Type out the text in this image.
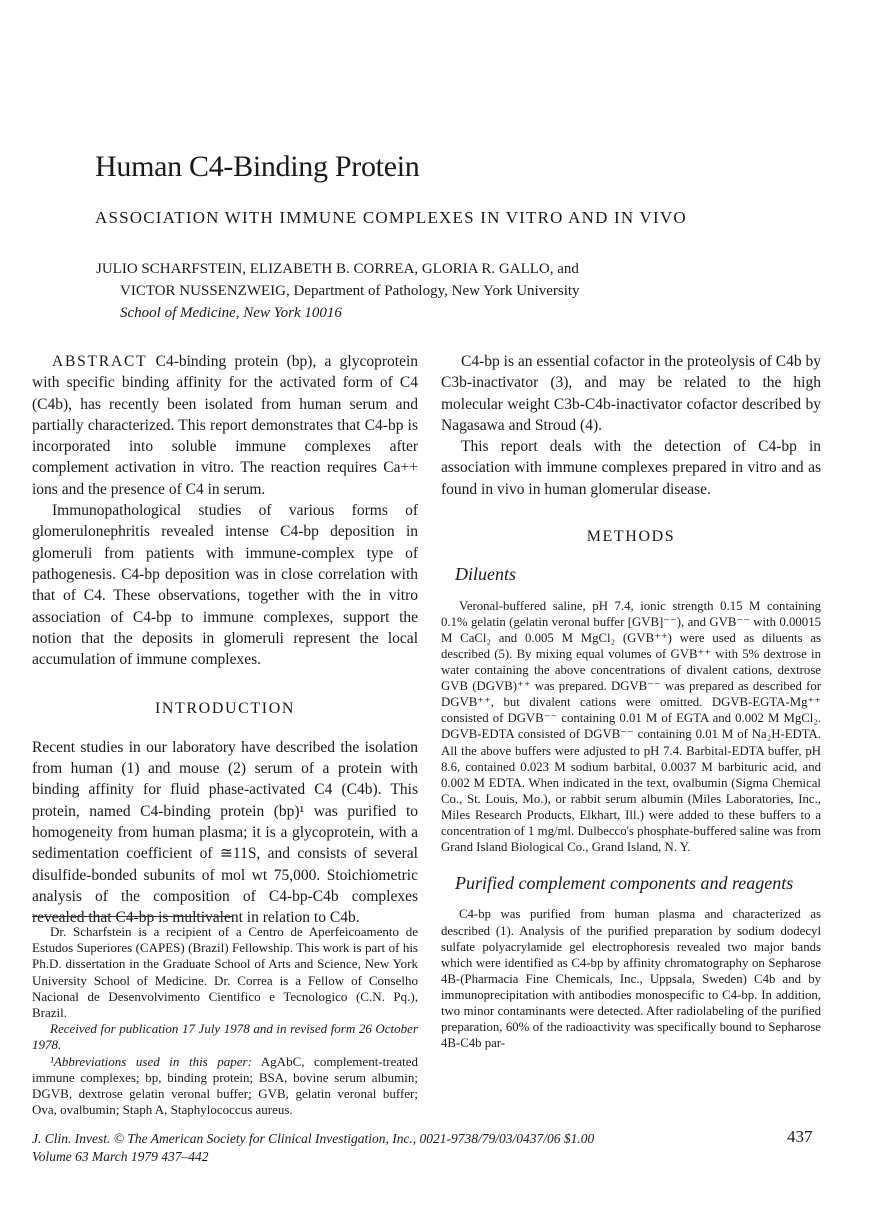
Human C4-Binding Protein
ASSOCIATION WITH IMMUNE COMPLEXES IN VITRO AND IN VIVO
JULIO SCHARFSTEIN, ELIZABETH B. CORREA, GLORIA R. GALLO, and
VICTOR NUSSENZWEIG, Department of Pathology, New York University
School of Medicine, New York 10016

ABSTRACT C4-binding protein (bp), a glycoprotein with specific binding affinity for the activated form of C4 (C4b), has recently been isolated from human serum and partially characterized. This report demonstrates that C4-bp is incorporated into soluble immune complexes after complement activation in vitro. The reaction requires Ca++ ions and the presence of C4 in serum.

Immunopathological studies of various forms of glomerulonephritis revealed intense C4-bp deposition in glomeruli from patients with immune-complex type of pathogenesis. C4-bp deposition was in close correlation with that of C4. These observations, together with the in vitro association of C4-bp to immune complexes, support the notion that the deposits in glomeruli represent the local accumulation of immune complexes.

INTRODUCTION

Recent studies in our laboratory have described the isolation from human (1) and mouse (2) serum of a protein with binding affinity for fluid phase-activated C4 (C4b). This protein, named C4-binding protein (bp)¹ was purified to homogeneity from human plasma; it is a glycoprotein, with a sedimentation coefficient of ≅11S, and consists of several disulfide-bonded subunits of mol wt 75,000. Stoichiometric analysis of the composition of C4-bp-C4b complexes revealed that C4-bp is multivalent in relation to C4b.

Dr. Scharfstein is a recipient of a Centro de Aperfeicoamento de Estudos Superiores (CAPES) (Brazil) Fellowship. This work is part of his Ph.D. dissertation in the Graduate School of Arts and Science, New York University School of Medicine. Dr. Correa is a Fellow of Conselho Nacional de Desenvolvimento Cientifico e Tecnologico (C.N. Pq.), Brazil.

Received for publication 17 July 1978 and in revised form 26 October 1978.

¹Abbreviations used in this paper: AgAbC, complement-treated immune complexes; bp, binding protein; BSA, bovine serum albumin; DGVB, dextrose gelatin veronal buffer; GVB, gelatin veronal buffer; Ova, ovalbumin; Staph A, Staphylococcus aureus.

C4-bp is an essential cofactor in the proteolysis of C4b by C3b-inactivator (3), and may be related to the high molecular weight C3b-C4b-inactivator cofactor described by Nagasawa and Stroud (4).

This report deals with the detection of C4-bp in association with immune complexes prepared in vitro and as found in vivo in human glomerular disease.

METHODS
Diluents

Veronal-buffered saline, pH 7.4, ionic strength 0.15 M containing 0.1% gelatin (gelatin veronal buffer [GVB]⁻⁻), and GVB⁻⁻ with 0.00015 M CaCl₂ and 0.005 M MgCl₂ (GVB⁺⁺) were used as diluents as described (5). By mixing equal volumes of GVB⁺⁺ with 5% dextrose in water containing the above concentrations of divalent cations, dextrose GVB (DGVB)⁺⁺ was prepared. DGVB⁻⁻ was prepared as described for DGVB⁺⁺, but divalent cations were omitted. DGVB-EGTA-Mg⁺⁺ consisted of DGVB⁻⁻ containing 0.01 M of EGTA and 0.002 M MgCl₂. DGVB-EDTA consisted of DGVB⁻⁻ containing 0.01 M of Na₂H-EDTA. All the above buffers were adjusted to pH 7.4. Barbital-EDTA buffer, pH 8.6, contained 0.023 M sodium barbital, 0.0037 M barbituric acid, and 0.002 M EDTA. When indicated in the text, ovalbumin (Sigma Chemical Co., St. Louis, Mo.), or rabbit serum albumin (Miles Laboratories, Inc., Miles Research Products, Elkhart, Ill.) were added to these buffers to a concentration of 1 mg/ml. Dulbecco's phosphate-buffered saline was from Grand Island Biological Co., Grand Island, N. Y.

Purified complement components and reagents

C4-bp was purified from human plasma and characterized as described (1). Analysis of the purified preparation by sodium dodecyl sulfate polyacrylamide gel electrophoresis revealed two major bands which were identified as C4-bp by affinity chromatography on Sepharose 4B-(Pharmacia Fine Chemicals, Inc., Uppsala, Sweden) C4b and by immunoprecipitation with antibodies monospecific to C4-bp. In addition, two minor contaminants were detected. After radiolabeling of the purified preparation, 60% of the radioactivity was specifically bound to Sepharose 4B-C4b par-

J. Clin. Invest. © The American Society for Clinical Investigation, Inc., 0021-9738/79/03/0437/06 $1.00
Volume 63 March 1979 437–442
437
